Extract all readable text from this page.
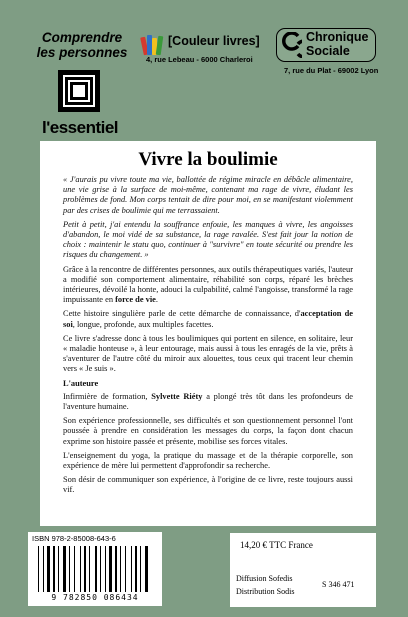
Comprendre
les personnes
l'essentiel
[Couleur livres]
4, rue Lebeau - 6000 Charleroi
Chronique
Sociale
7, rue du Plat - 69002 Lyon
Vivre la boulimie

« J'aurais pu vivre toute ma vie, ballottée de régime miracle en débâcle alimentaire, une vie grise à la surface de moi-même, contenant ma rage de vivre, éludant les problèmes de fond. Mon corps tentait de dire pour moi, en se manifestant violemment par des crises de boulimie qui me terrassaient.

Petit à petit, j'ai entendu la souffrance enfouie, les manques à vivre, les angoisses d'abandon, le moi vidé de sa substance, la rage ravalée. S'est fait jour la notion de choix : maintenir le statu quo, continuer à "survivre" en toute sécurité ou prendre les risques du changement. »

Grâce à la rencontre de différentes personnes, aux outils thérapeutiques variés, l'auteur a modifié son comportement alimentaire, réhabilité son corps, réparé les brèches intérieures, dévoilé la honte, adouci la culpabilité, calmé l'angoisse, transformé la rage impuissante en force de vie.

Cette histoire singulière parle de cette démarche de connaissance, d'acceptation de soi, longue, profonde, aux multiples facettes.

Ce livre s'adresse donc à tous les boulimiques qui portent en silence, en solitaire, leur « maladie honteuse », à leur entourage, mais aussi à tous les enragés de la vie, prêts à s'aventurer de l'autre côté du miroir aux alouettes, tous ceux qui tracent leur chemin vers « Je suis ».

L'auteure

Infirmière de formation, Sylvette Riéty a plongé très tôt dans les profondeurs de l'aventure humaine.

Son expérience professionnelle, ses difficultés et son questionnement personnel l'ont poussée à prendre en considération les messages du corps, la façon dont chacun exprime son histoire passée et présente, mobilise ses forces vitales.

L'enseignement du yoga, la pratique du massage et de la thérapie corporelle, son expérience de mère lui permettent d'approfondir sa recherche.

Son désir de communiquer son expérience, à l'origine de ce livre, reste toujours aussi vif.

ISBN 978-2-85008-643-6
9 782850 086434
14,20 € TTC France
Diffusion Sofedis
Distribution Sodis
S 346 471
